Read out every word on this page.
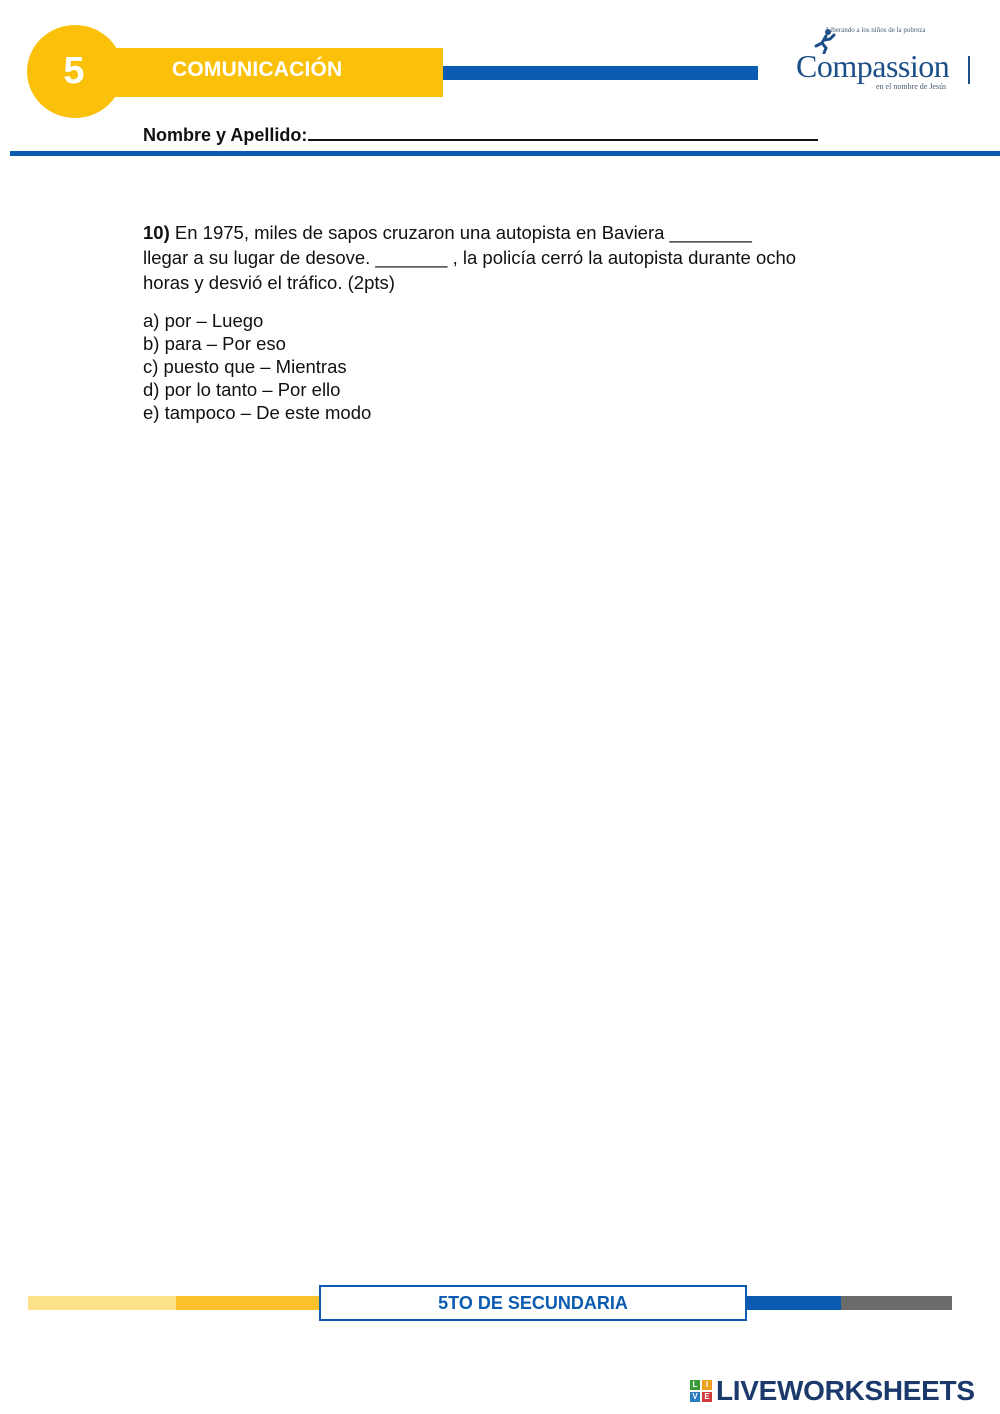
5	COMUNICACIÓN
Liberando a los niños de la pobreza
Compassion
en el nombre de Jesús
Nombre y Apellido:
10) En 1975, miles de sapos cruzaron una autopista en Baviera ________
llegar a su lugar de desove. _______ , la policía cerró la autopista durante ocho
horas y desvió el tráfico. (2pts)
a) por – Luego
b) para – Por eso
c) puesto que – Mientras
d) por lo tanto – Por ello
e) tampoco – De este modo
5TO DE SECUNDARIA
L	I
V E LIVEWORKSHEETS
